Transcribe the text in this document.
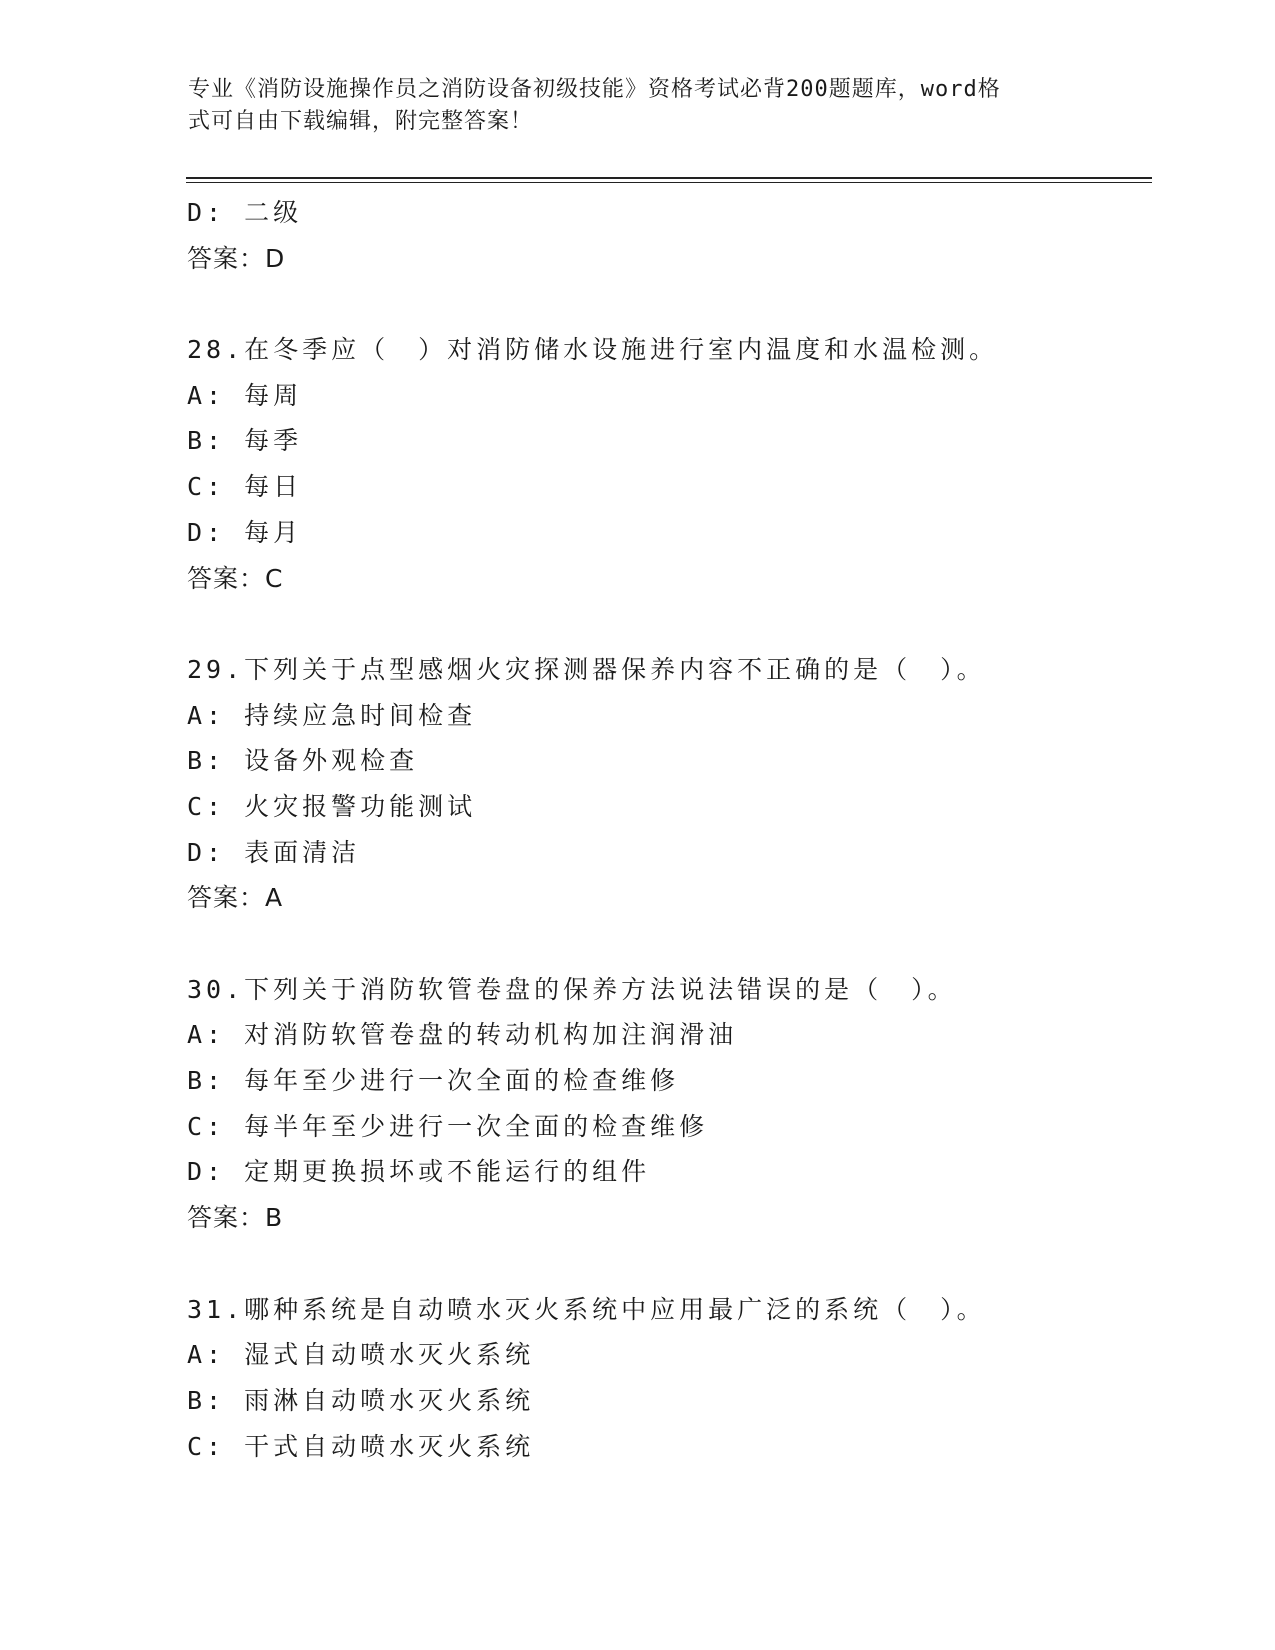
专业《消防设施操作员之消防设备初级技能》资格考试必背200题题库，word格
式可自由下载编辑，附完整答案！
D: 二级
答案：D
28.在冬季应（　）对消防储水设施进行室内温度和水温检测。
A: 每周
B: 每季
C: 每日
D: 每月
答案：C
29.下列关于点型感烟火灾探测器保养内容不正确的是（　）。
A: 持续应急时间检查
B: 设备外观检查
C: 火灾报警功能测试
D: 表面清洁
答案：A
30.下列关于消防软管卷盘的保养方法说法错误的是（　）。
A: 对消防软管卷盘的转动机构加注润滑油
B: 每年至少进行一次全面的检查维修
C: 每半年至少进行一次全面的检查维修
D: 定期更换损坏或不能运行的组件
答案：B
31.哪种系统是自动喷水灭火系统中应用最广泛的系统（　）。
A: 湿式自动喷水灭火系统
B: 雨淋自动喷水灭火系统
C: 干式自动喷水灭火系统
